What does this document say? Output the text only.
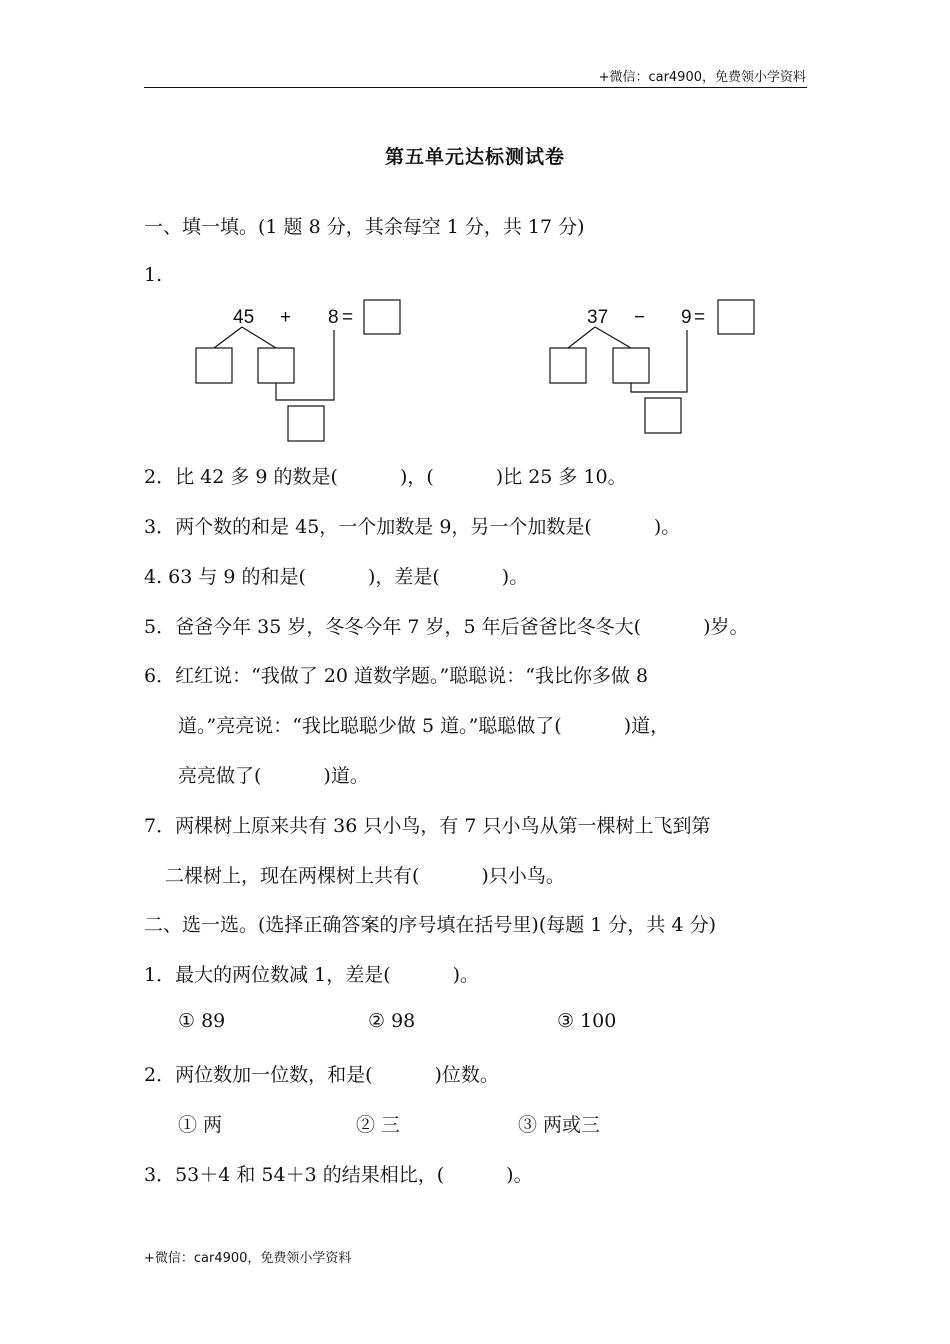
+微信：car4900，免费领小学资料
第五单元达标测试卷
一、填一填。(1 题 8 分，其余每空 1 分，共 17 分)
1.
45 + 8 =	37 − 9 =
2．比 42 多 9 的数是(	)，(	)比 25 多 10。
3．两个数的和是 45，一个加数是 9，另一个加数是(	)。
4. 63 与 9 的和是(	)，差是(	)。
5．爸爸今年 35 岁，冬冬今年 7 岁，5 年后爸爸比冬冬大(	)岁。
6．红红说：“我做了 20 道数学题。”聪聪说：“我比你多做 8
道。”亮亮说：“我比聪聪少做 5 道。”聪聪做了(	)道，
亮亮做了(	)道。
7．两棵树上原来共有 36 只小鸟，有 7 只小鸟从第一棵树上飞到第
二棵树上，现在两棵树上共有(	)只小鸟。
二、选一选。(选择正确答案的序号填在括号里)(每题 1 分，共 4 分)
1．最大的两位数减 1，差是(	)。
① 89	② 98	③ 100
2．两位数加一位数，和是(	)位数。
① 两	② 三	③ 两或三
3．53＋4 和 54＋3 的结果相比，(	)。
+微信：car4900，免费领小学资料
